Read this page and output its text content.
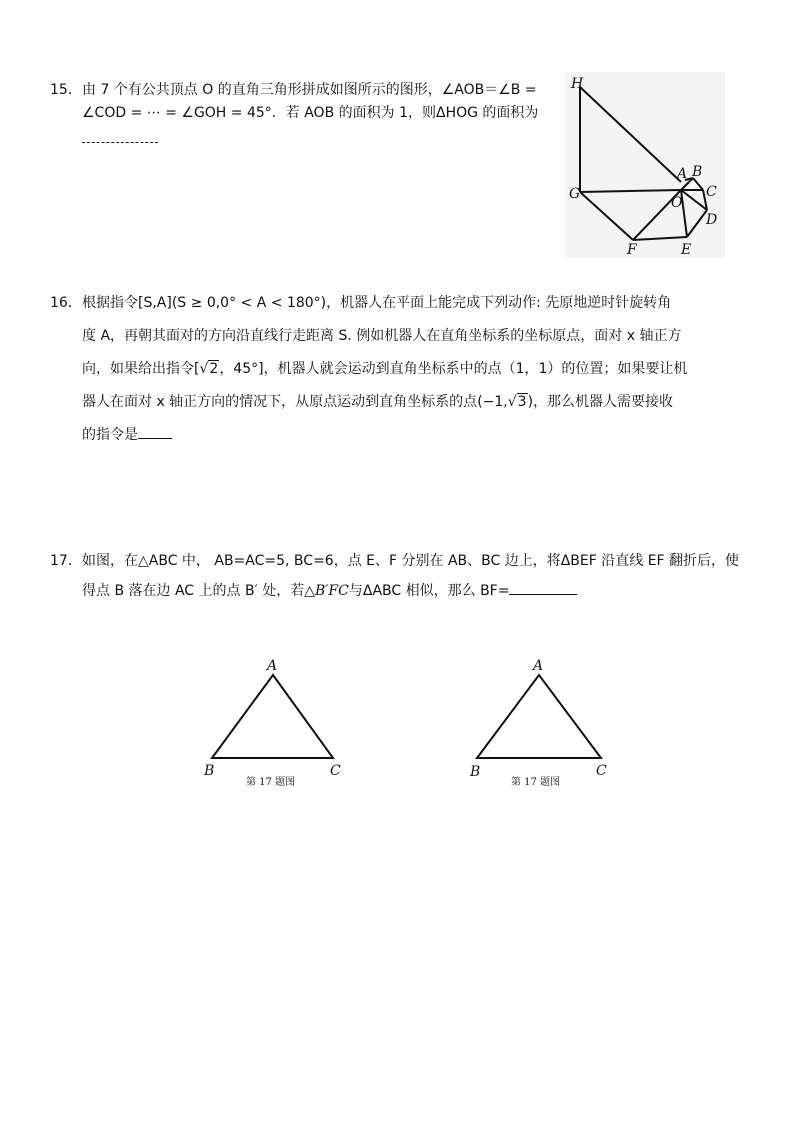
15． 由 7 个有公共顶点 O 的直角三角形拼成如图所示的图形，∠AOB＝∠B =
∠COD = ⋯ = ∠GOH = 45°．若 AOB 的面积为 1，则ΔHOG 的面积为
H
G
F	E
D
C
B
A
O
16． 根据指令[S,A](S ≥ 0,0° < A < 180°)，机器人在平面上能完成下列动作: 先原地逆时针旋转角
度 A，再朝其面对的方向沿直线行走距离 S. 例如机器人在直角坐标系的坐标原点，面对 x 轴正方
向，如果给出指令[√2，45°]，机器人就会运动到直角坐标系中的点（1，1）的位置；如果要让机
器人在面对 x 轴正方向的情况下，从原点运动到直角坐标系的点(−1,√3)，那么机器人需要接收
的指令是
17． 如图，在△ABC 中， AB=AC=5, BC=6，点 E、F 分别在 AB、BC 边上，将ΔBEF 沿直线 EF 翻折后，使
得点 B 落在边 AC 上的点 B′ 处，若△B′FC与ΔABC 相似，那么 BF=
A
B	C
第 17 题图
A
B	C
第 17 题图
